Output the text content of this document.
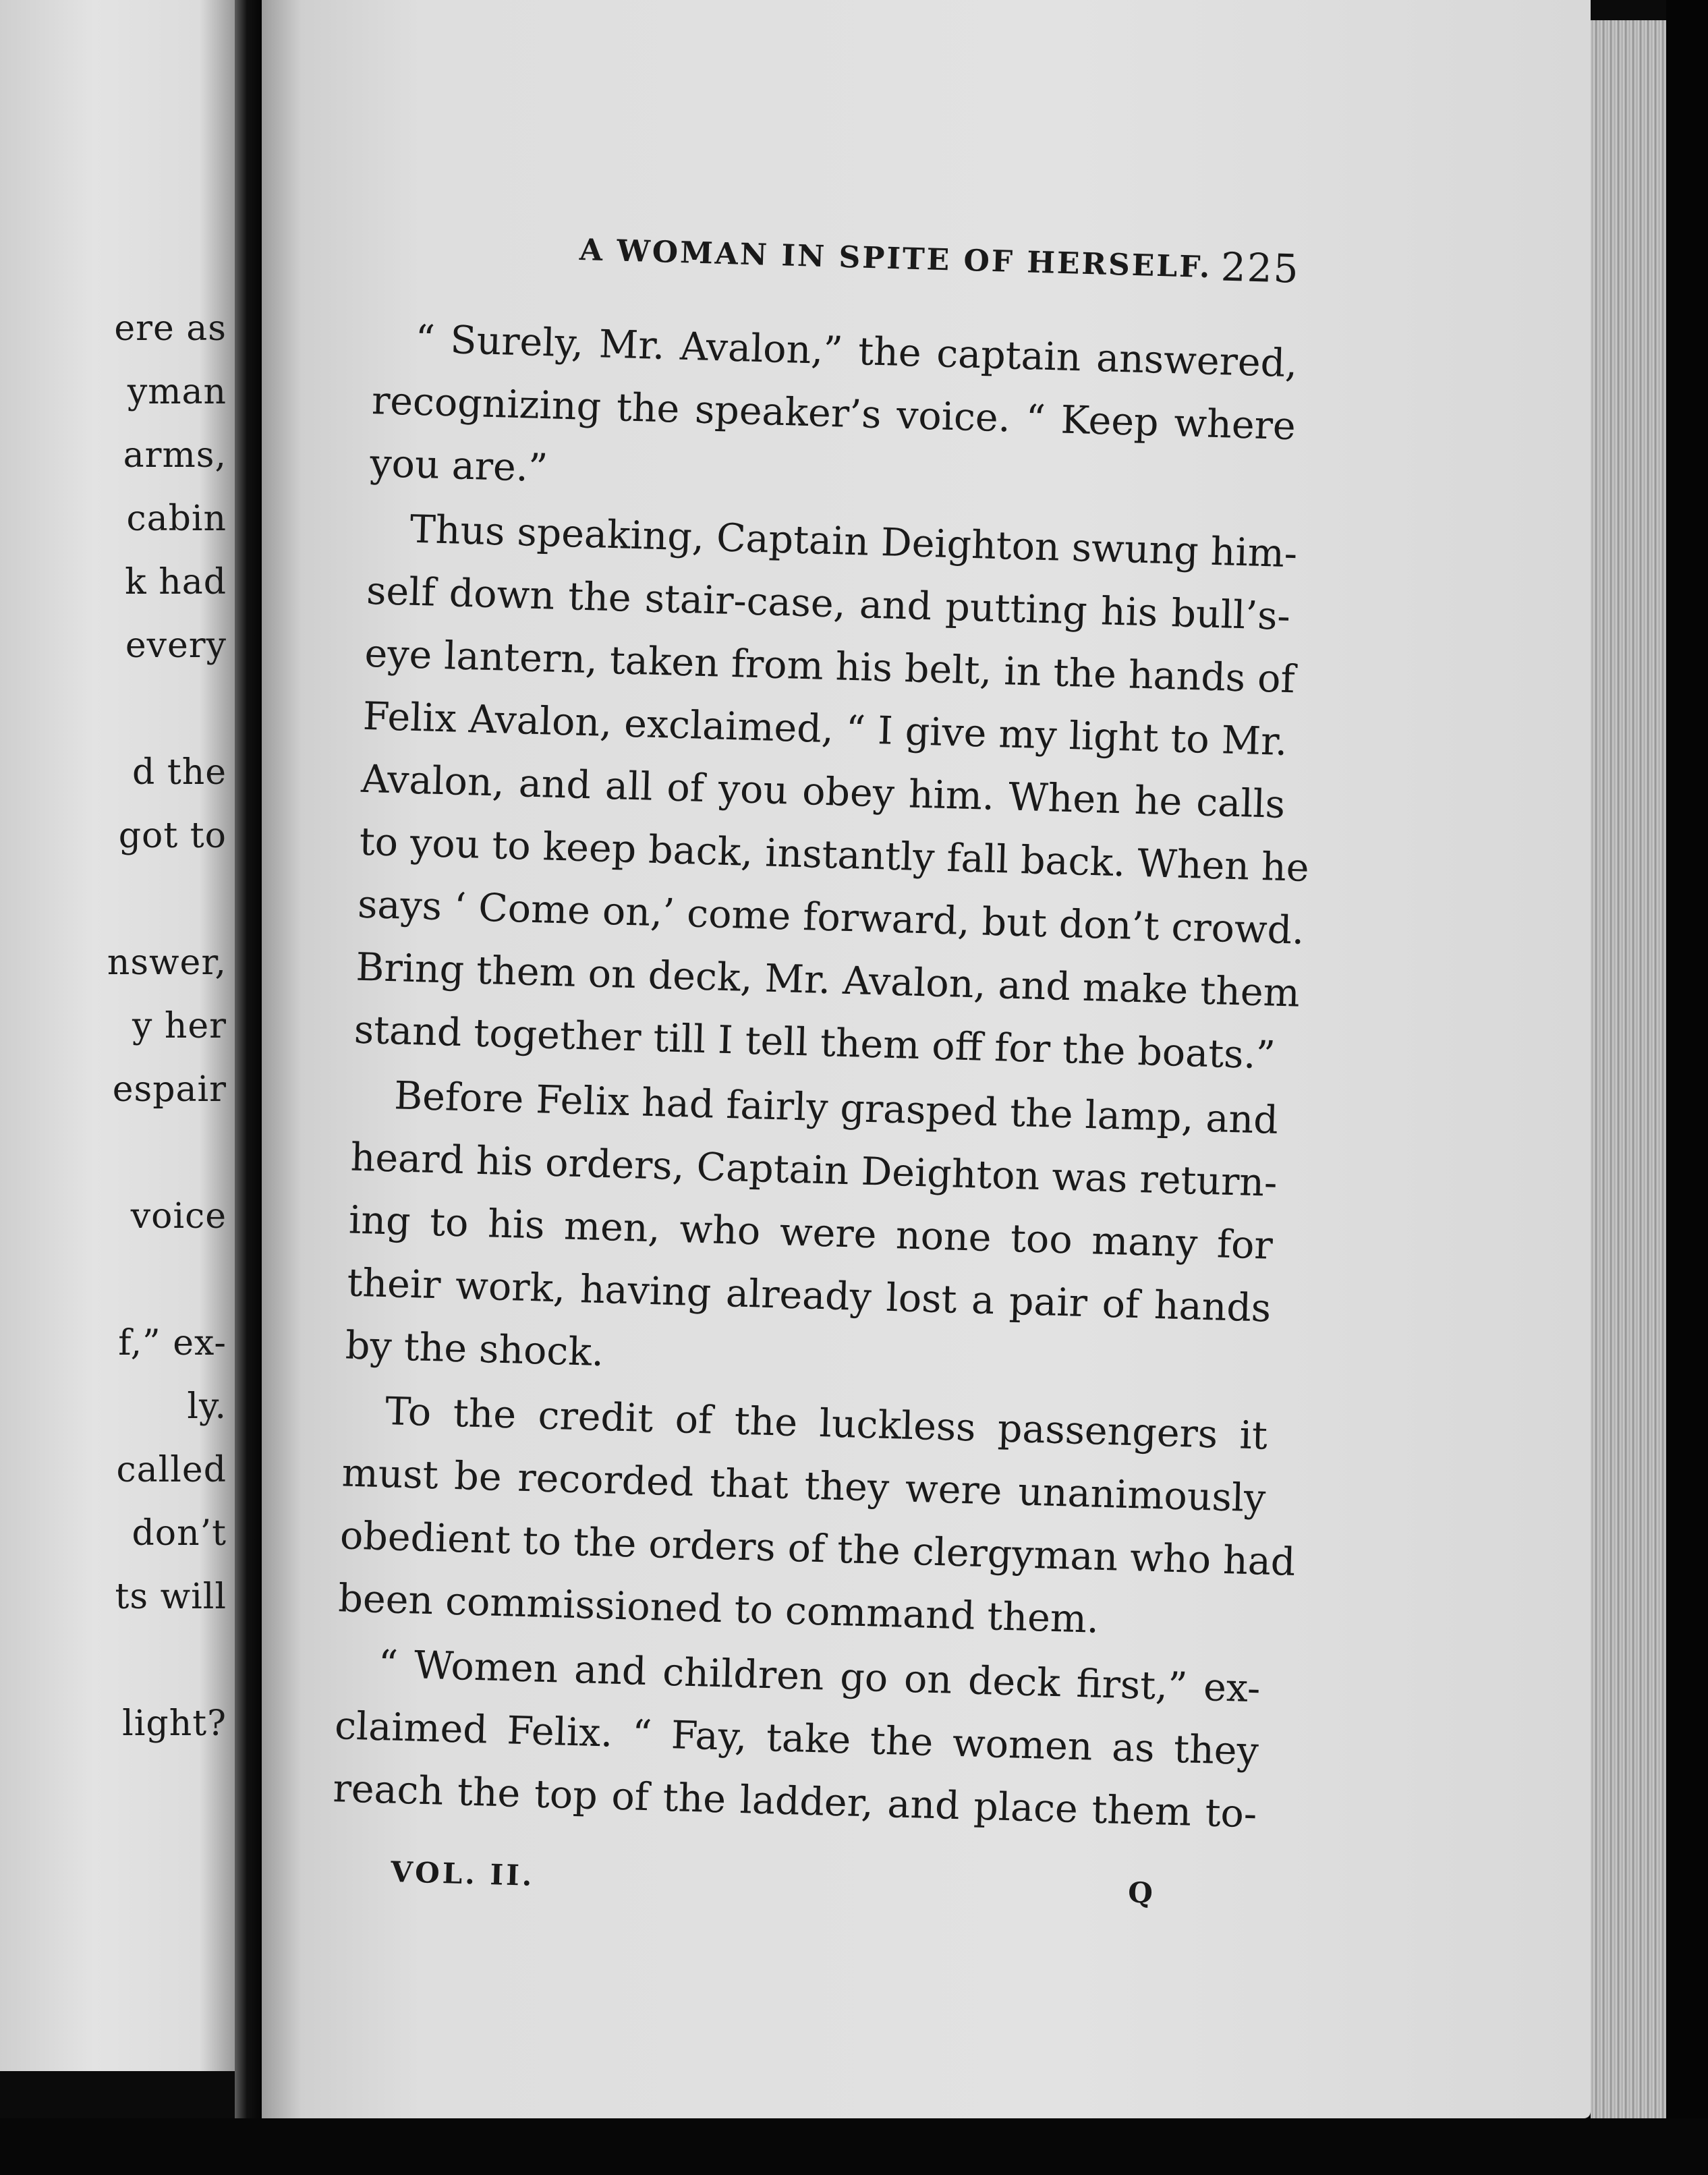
ere as
yman
arms,
cabin
k had
every
d the
got to
nswer,
y her
espair
voice
f,” ex-
ly.
called
don’t
ts will
light?
A WOMAN IN SPITE OF HERSELF. 225
“ Surely, Mr. Avalon,” the captain answered,
recognizing the speaker’s voice. “ Keep where
you are.”
Thus speaking, Captain Deighton swung him-
self down the stair-case, and putting his bull’s-
eye lantern, taken from his belt, in the hands of
Felix Avalon, exclaimed, “ I give my light to Mr.
Avalon, and all of you obey him. When he calls
to you to keep back, instantly fall back. When he
says ‘ Come on,’ come forward, but don’t crowd.
Bring them on deck, Mr. Avalon, and make them
stand together till I tell them off for the boats.”
Before Felix had fairly grasped the lamp, and
heard his orders, Captain Deighton was return-
ing to his men, who were none too many for
their work, having already lost a pair of hands
by the shock.
To the credit of the luckless passengers it
must be recorded that they were unanimously
obedient to the orders of the clergyman who had
been commissioned to command them.
“ Women and children go on deck first,” ex-
claimed Felix. “ Fay, take the women as they
reach the top of the ladder, and place them to-
VOL. II.
Q
